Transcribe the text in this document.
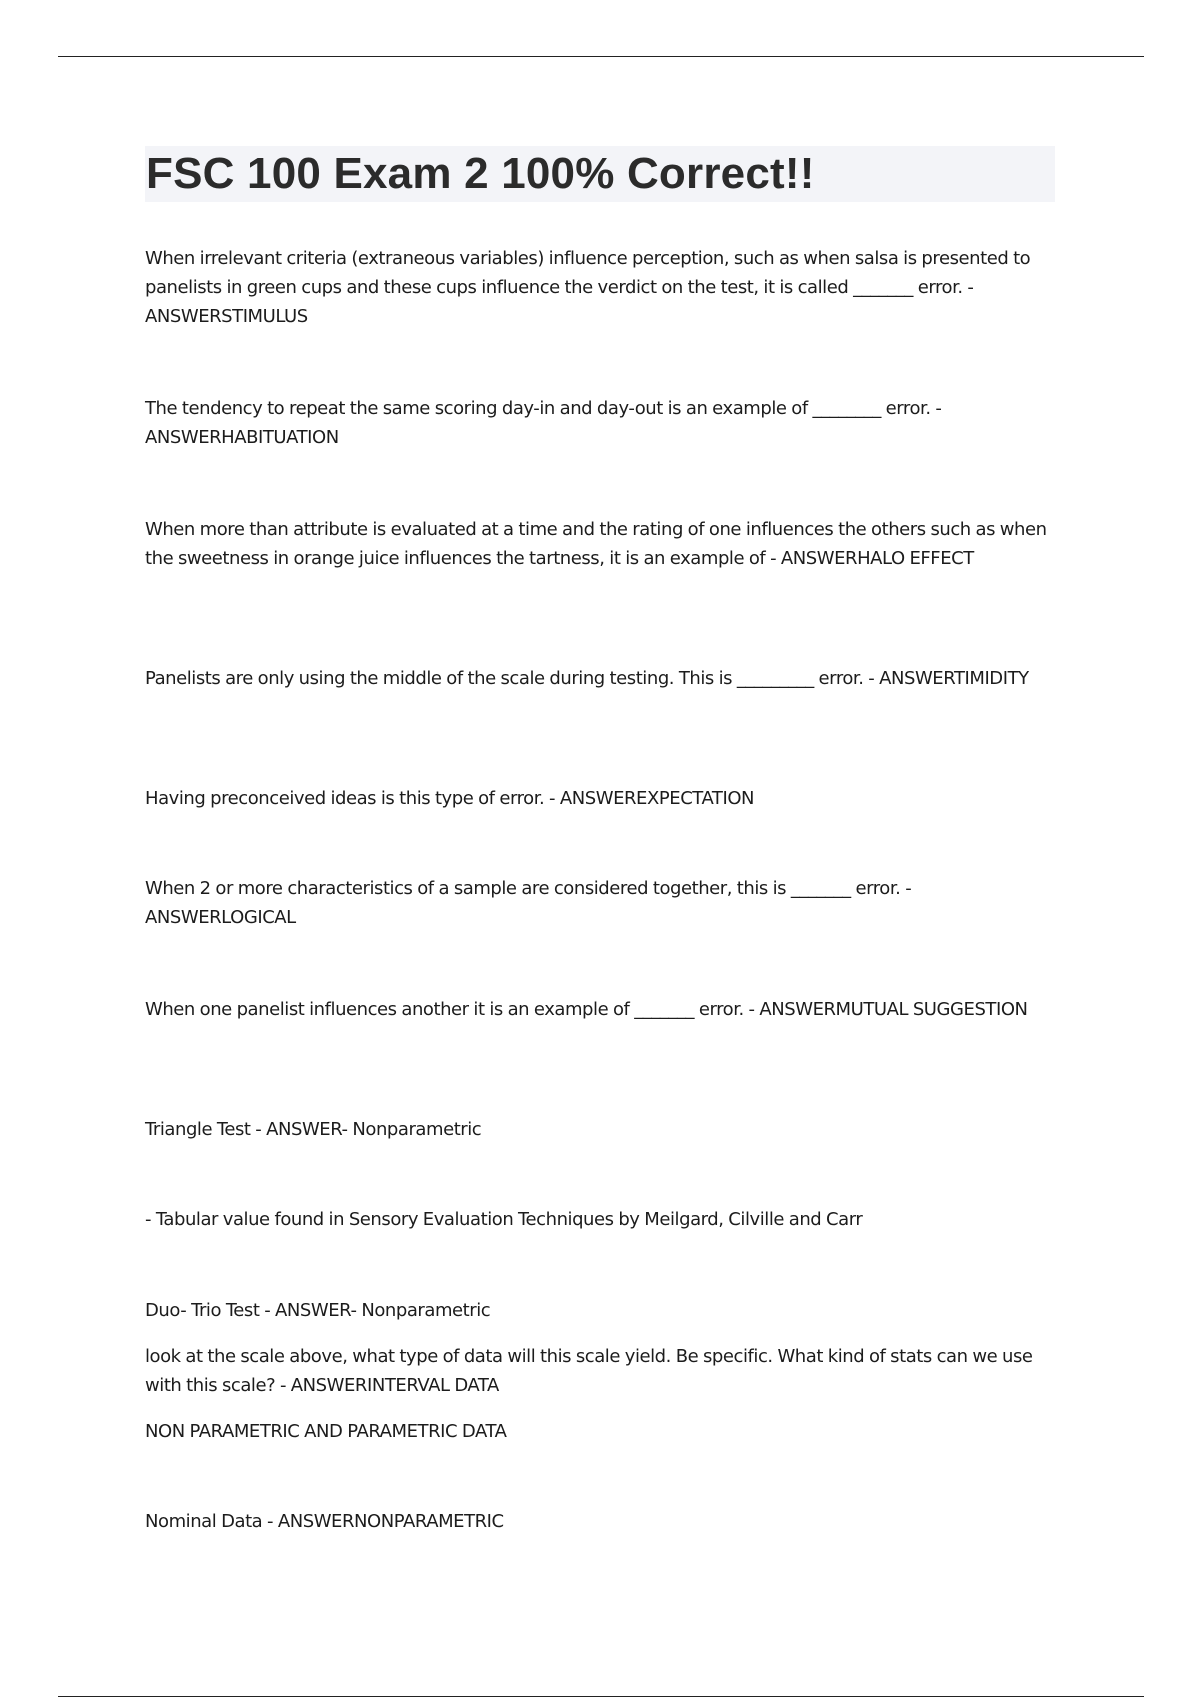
FSC 100 Exam 2 100% Correct!!

When irrelevant criteria (extraneous variables) influence perception, such as when salsa is presented to panelists in green cups and these cups influence the verdict on the test, it is called _______ error. - ANSWERSTIMULUS

The tendency to repeat the same scoring day-in and day-out is an example of ________ error. - ANSWERHABITUATION

When more than attribute is evaluated at a time and the rating of one influences the others such as when the sweetness in orange juice influences the tartness, it is an example of - ANSWERHALO EFFECT

Panelists are only using the middle of the scale during testing. This is _________ error. - ANSWERTIMIDITY

Having preconceived ideas is this type of error. - ANSWEREXPECTATION

When 2 or more characteristics of a sample are considered together, this is _______ error. - ANSWERLOGICAL

When one panelist influences another it is an example of _______ error. - ANSWERMUTUAL SUGGESTION

Triangle Test - ANSWER- Nonparametric

- Tabular value found in Sensory Evaluation Techniques by Meilgard, Cilville and Carr

Duo- Trio Test - ANSWER- Nonparametric

look at the scale above, what type of data will this scale yield. Be specific. What kind of stats can we use with this scale? - ANSWERINTERVAL DATA

NON PARAMETRIC AND PARAMETRIC DATA

Nominal Data - ANSWERNONPARAMETRIC
